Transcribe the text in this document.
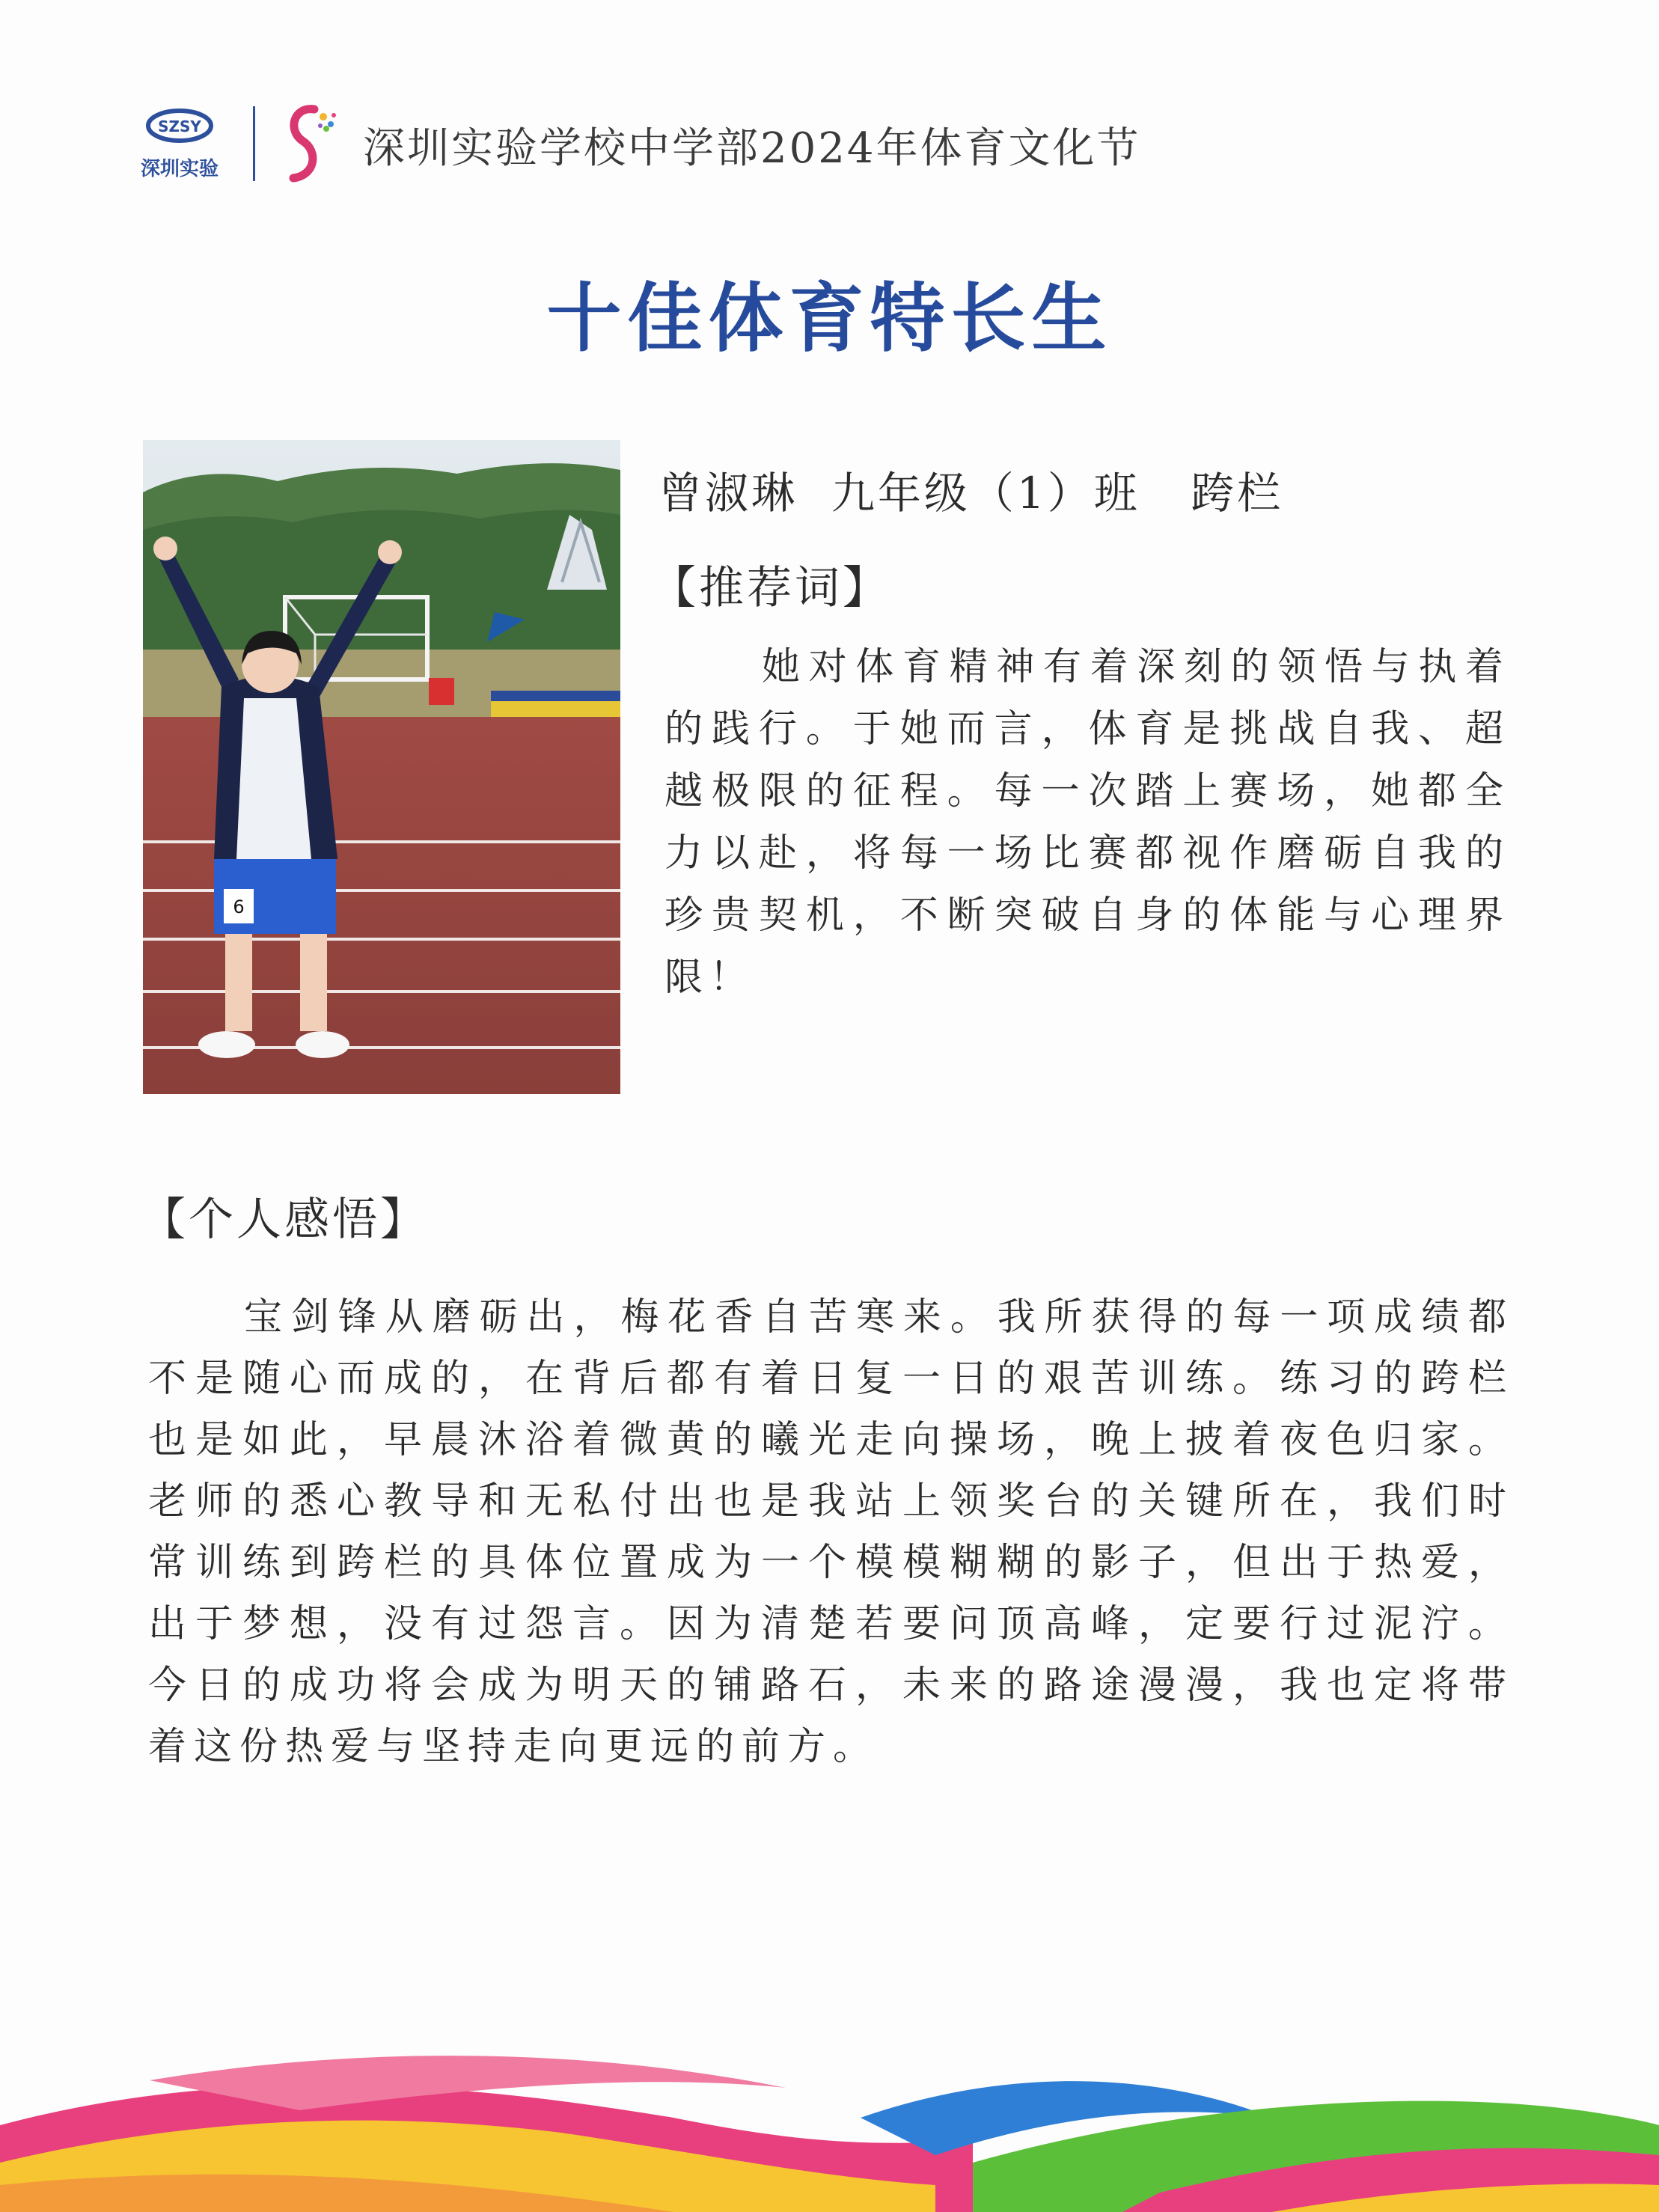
SZSY
深圳实验	深圳实验学校中学部2024年体育文化节
十佳体育特长生
6
曾淑琳  九年级（1）班   跨栏
【推荐词】
她对体育精神有着深刻的领悟与执着的践行。于她而言，体育是挑战自我、超越极限的征程。每一次踏上赛场，她都全力以赴，将每一场比赛都视作磨砺自我的珍贵契机，不断突破自身的体能与心理界限！
【个人感悟】
宝剑锋从磨砺出，梅花香自苦寒来。我所获得的每一项成绩都不是随心而成的，在背后都有着日复一日的艰苦训练。练习的跨栏也是如此，早晨沐浴着微黄的曦光走向操场，晚上披着夜色归家。老师的悉心教导和无私付出也是我站上领奖台的关键所在，我们时常训练到跨栏的具体位置成为一个模模糊糊的影子，但出于热爱，出于梦想，没有过怨言。因为清楚若要问顶高峰，定要行过泥泞。今日的成功将会成为明天的铺路石，未来的路途漫漫，我也定将带着这份热爱与坚持走向更远的前方。
